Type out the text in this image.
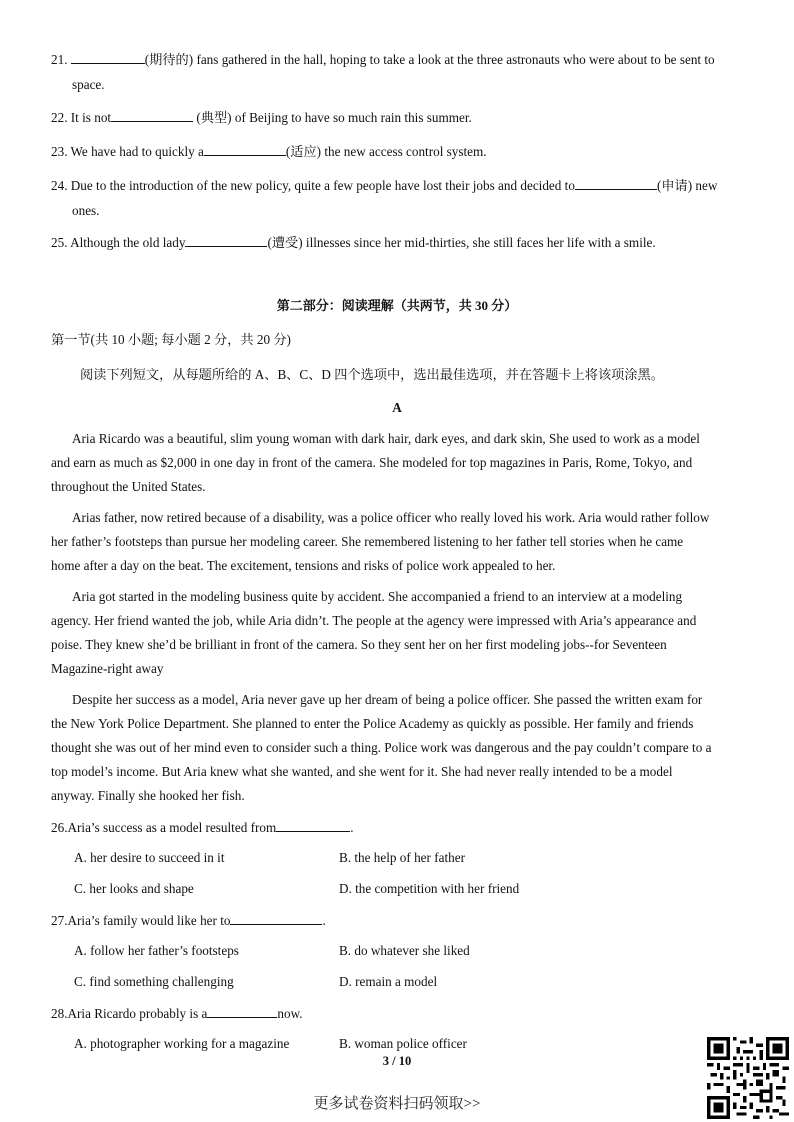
21.	(期待的) fans gathered in the hall, hoping to take a look at the three astronauts who were about to be sent to
space.
22. It is not	(典型) of Beijing to have so much rain this summer.
23. We have had to quickly a	(适应) the new access control system.
24. Due to the introduction of the new policy, quite a few people have lost their jobs and decided to	(申请) new
ones.
25. Although the old lady	(遭受) illnesses since her mid-thirties, she still faces her life with a smile.
第二部分：阅读理解（共两节，共 30 分）
第一节(共 10 小题; 每小题 2 分，共 20 分)
阅读下列短文，从每题所给的 A、B、C、D 四个选项中，选出最佳选项，并在答题卡上将该项涂黑。
A
Aria Ricardo was a beautiful, slim young woman with dark hair, dark eyes, and dark skin, She used to work as a model
and earn as much as $2,000 in one day in front of the camera. She modeled for top magazines in Paris, Rome, Tokyo, and
throughout the United States.
Arias father, now retired because of a disability, was a police officer who really loved his work. Aria would rather follow
her father’s footsteps than pursue her modeling career. She remembered listening to her father tell stories when he came
home after a day on the beat. The excitement, tensions and risks of police work appealed to her.
Aria got started in the modeling business quite by accident. She accompanied a friend to an interview at a modeling
agency. Her friend wanted the job, while Aria didn’t. The people at the agency were impressed with Aria’s appearance and
poise. They knew she’d be brilliant in front of the camera. So they sent her on her first modeling jobs--for Seventeen
Magazine-right away
Despite her success as a model, Aria never gave up her dream of being a police officer. She passed the written exam for
the New York Police Department. She planned to enter the Police Academy as quickly as possible. Her family and friends
thought she was out of her mind even to consider such a thing. Police work was dangerous and the pay couldn’t compare to a
top model’s income. But Aria knew what she wanted, and she went for it. She had never really intended to be a model
anyway. Finally she hooked her fish.
26.Aria’s success as a model resulted from	.
A. her desire to succeed in it	B. the help of her father
C. her looks and shape	D. the competition with her friend
27.Aria’s family would like her to	.
A. follow her father’s footsteps	B. do whatever she liked
C. find something challenging	D. remain a model
28.Aria Ricardo probably is a	now.
A. photographer working for a magazine	B. woman police officer
3 / 10
更多试卷资料扫码领取>>
